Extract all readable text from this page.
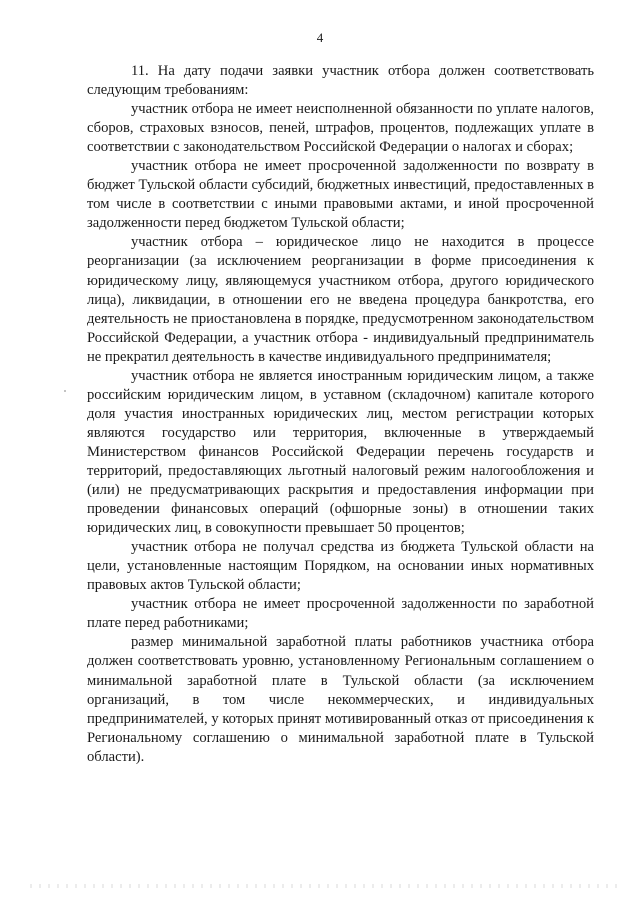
4

11. На дату подачи заявки участник отбора должен соответствовать следующим требованиям:

участник отбора не имеет неисполненной обязанности по уплате налогов, сборов, страховых взносов, пеней, штрафов, процентов, подлежащих уплате в соответствии с законодательством Российской Федерации о налогах и сборах;

участник отбора не имеет просроченной задолженности по возврату в бюджет Тульской области субсидий, бюджетных инвестиций, предоставленных в том числе в соответствии с иными правовыми актами, и иной просроченной задолженности перед бюджетом Тульской области;

участник отбора – юридическое лицо не находится в процессе реорганизации (за исключением реорганизации в форме присоединения к юридическому лицу, являющемуся участником отбора, другого юридического лица), ликвидации, в отношении его не введена процедура банкротства, его деятельность не приостановлена в порядке, предусмотренном законодательством Российской Федерации, а участник отбора - индивидуальный предприниматель не прекратил деятельность в качестве индивидуального предпринимателя;

участник отбора не является иностранным юридическим лицом, а также российским юридическим лицом, в уставном (складочном) капитале которого доля участия иностранных юридических лиц, местом регистрации которых являются государство или территория, включенные в утверждаемый Министерством финансов Российской Федерации перечень государств и территорий, предоставляющих льготный налоговый режим налогообложения и (или) не предусматривающих раскрытия и предоставления информации при проведении финансовых операций (офшорные зоны) в отношении таких юридических лиц, в совокупности превышает 50 процентов;

участник отбора не получал средства из бюджета Тульской области на цели, установленные настоящим Порядком, на основании иных нормативных правовых актов Тульской области;

участник отбора не имеет просроченной задолженности по заработной плате перед работниками;

размер минимальной заработной платы работников участника отбора должен соответствовать уровню, установленному Региональным соглашением о минимальной заработной плате в Тульской области (за исключением организаций, в том числе некоммерческих, и индивидуальных предпринимателей, у которых принят мотивированный отказ от присоединения к Региональному соглашению о минимальной заработной плате в Тульской области).
